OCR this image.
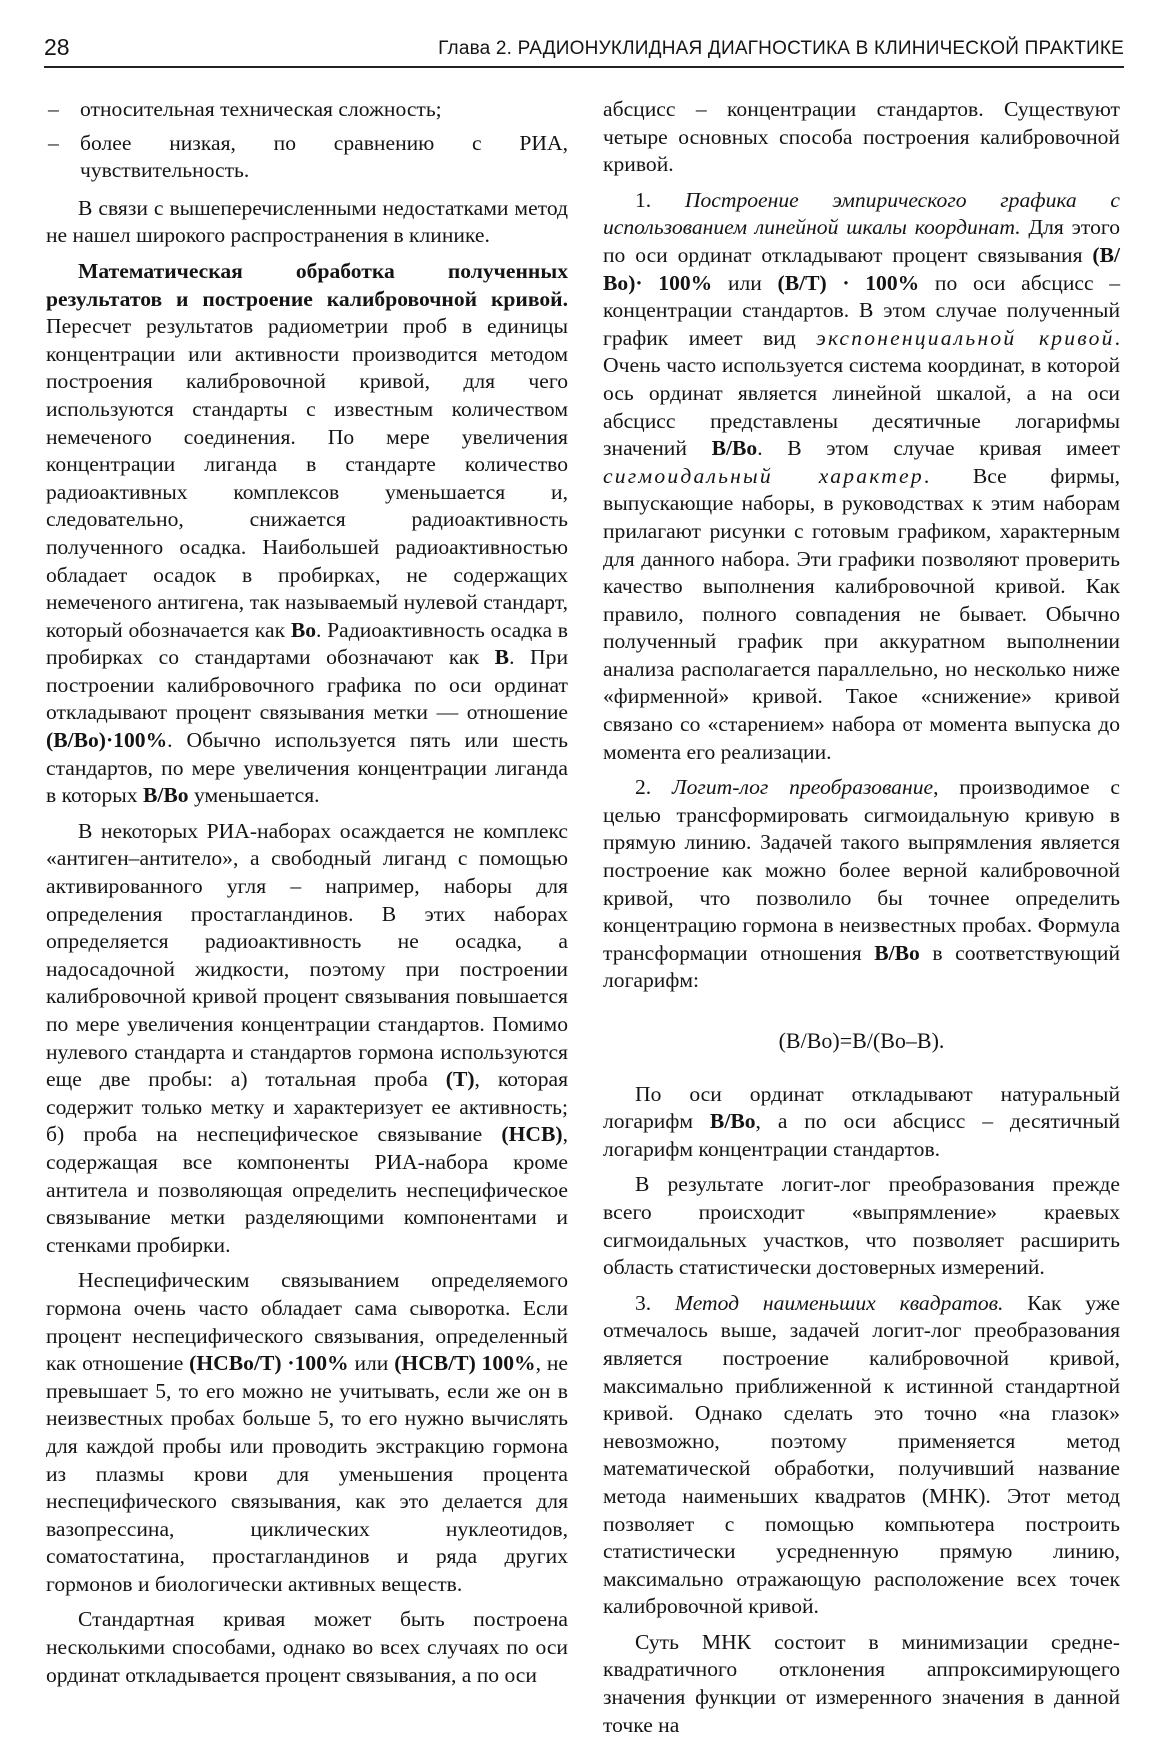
28	Глава 2. РАДИОНУКЛИДНАЯ ДИАГНОСТИКА В КЛИНИЧЕСКОЙ ПРАКТИКЕ
– относительная техническая сложность;
– более низкая, по сравнению с РИА, чувствительность.

В связи с вышеперечисленными недостатками метод не нашел широкого распространения в клинике.

Математическая обработка полученных результатов и построение калибровочной кривой. Пересчет результатов радиометрии проб в единицы концентрации или активности производится методом построения калибровочной кривой, для чего используются стандарты с известным количеством немеченого соединения. По мере увеличения концентрации лиганда в стандарте количество радиоактивных комплексов уменьшается и, следовательно, снижается радиоактивность полученного осадка. Наибольшей радиоактивностью обладает осадок в пробирках, не содержащих немеченого антигена, так называемый нулевой стандарт, который обозначается как Во. Радиоактивность осадка в пробирках со стандартами обозначают как В. При построении калибровочного графика по оси ординат откладывают процент связывания метки — отношение (В/Во)·100%. Обычно используется пять или шесть стандартов, по мере увеличения концентрации лиганда в которых В/Во уменьшается.

В некоторых РИА-наборах осаждается не комплекс «антиген–антитело», а свободный лиганд с помощью активированного угля – например, наборы для определения простагландинов. В этих наборах определяется радиоактивность не осадка, а надосадочной жидкости, поэтому при построении калибровочной кривой процент связывания повышается по мере увеличения концентрации стандартов. Помимо нулевого стандарта и стандартов гормона используются еще две пробы: а) тотальная проба (Т), которая содержит только метку и характеризует ее активность; б) проба на неспецифическое связывание (НСВ), содержащая все компоненты РИА-набора кроме антитела и позволяющая определить неспецифическое связывание метки разделяющими компонентами и стенками пробирки.

Неспецифическим связыванием определяемого гормона очень часто обладает сама сыворотка. Если процент неспецифического связывания, определенный как отношение (НСВо/Т) ·100% или (НСВ/Т) 100%, не превышает 5, то его можно не учитывать, если же он в неизвестных пробах больше 5, то его нужно вычислять для каждой пробы или проводить экстракцию гормона из плазмы крови для уменьшения процента неспецифического связывания, как это делается для вазопрессина, циклических нуклеотидов, соматостатина, простагландинов и ряда других гормонов и биологически активных веществ.

Стандартная кривая может быть построена несколькими способами, однако во всех случаях по оси ординат откладывается процент связывания, а по оси

абсцисс – концентрации стандартов. Существуют четыре основных способа построения калибровочной кривой.

1. Построение эмпирического графика с использованием линейной шкалы координат. Для этого по оси ординат откладывают процент связывания (В/Во)· 100% или (В/Т) · 100% по оси абсцисс – концентрации стандартов. В этом случае полученный график имеет вид экспоненциальной кривой. Очень часто используется система координат, в которой ось ординат является линейной шкалой, а на оси абсцисс представлены десятичные логарифмы значений В/Во. В этом случае кривая имеет сигмоидальный характер. Все фирмы, выпускающие наборы, в руководствах к этим наборам прилагают рисунки с готовым графиком, характерным для данного набора. Эти графики позволяют проверить качество выполнения калибровочной кривой. Как правило, полного совпадения не бывает. Обычно полученный график при аккуратном выполнении анализа располагается параллельно, но несколько ниже «фирменной» кривой. Такое «снижение» кривой связано со «старением» набора от момента выпуска до момента его реализации.

2. Логит-лог преобразование, производимое с целью трансформировать сигмоидальную кривую в прямую линию. Задачей такого выпрямления является построение как можно более верной калибровочной кривой, что позволило бы точнее определить концентрацию гормона в неизвестных пробах. Формула трансформации отношения В/Во в соответствующий логарифм:

(В/Во)=В/(Во–В).

По оси ординат откладывают натуральный логарифм В/Во, а по оси абсцисс – десятичный логарифм концентрации стандартов.

В результате логит-лог преобразования прежде всего происходит «выпрямление» краевых сигмоидальных участков, что позволяет расширить область статистически достоверных измерений.

3. Метод наименьших квадратов. Как уже отмечалось выше, задачей логит-лог преобразования является построение калибровочной кривой, максимально приближенной к истинной стандартной кривой. Однако сделать это точно «на глазок» невозможно, поэтому применяется метод математической обработки, получивший название метода наименьших квадратов (МНК). Этот метод позволяет с помощью компьютера построить статистически усредненную прямую линию, максимально отражающую расположение всех точек калибровочной кривой.

Суть МНК состоит в минимизации средне-квадратичного отклонения аппроксимирующего значения функции от измеренного значения в данной точке на
